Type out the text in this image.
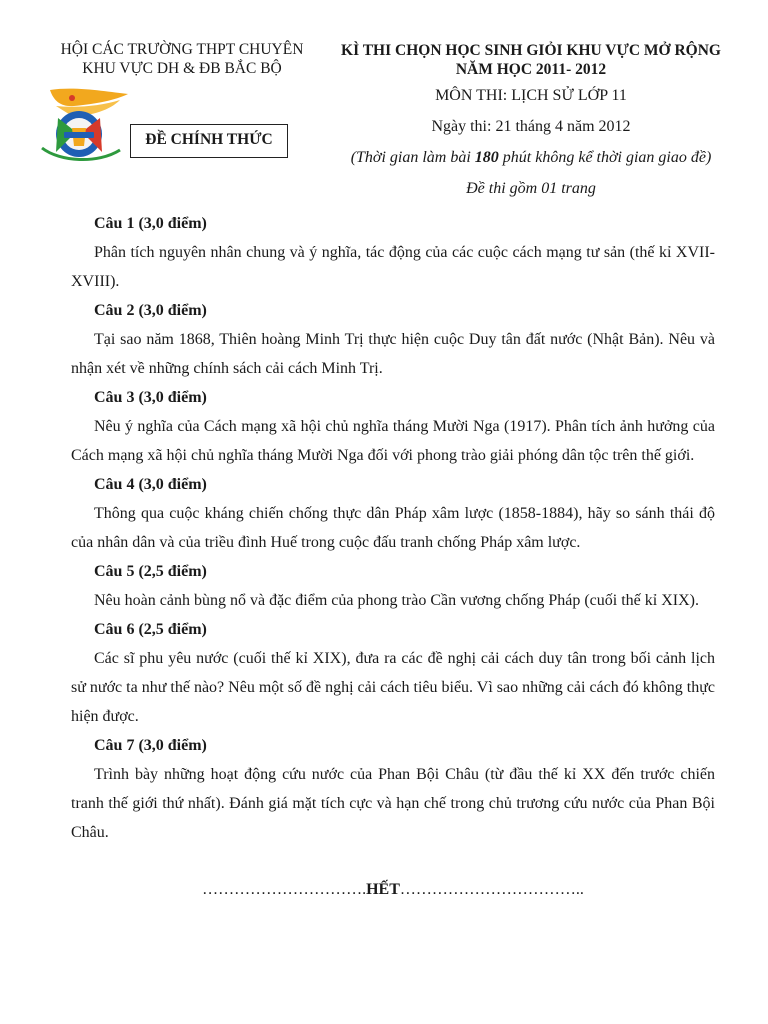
HỘI CÁC TRƯỜNG THPT CHUYÊN
KHU VỰC DH & ĐB BẮC BỘ
KÌ THI CHỌN HỌC SINH GIỎI KHU VỰC MỞ RỘNG
NĂM HỌC 2011- 2012
MÔN THI: LỊCH SỬ LỚP 11
Ngày thi: 21 tháng 4 năm 2012
(Thời gian làm bài 180 phút không kể thời gian giao đề)
Đề thi gồm 01 trang
ĐỀ CHÍNH THỨC
Câu 1 (3,0 điểm)
Phân tích nguyên nhân chung và ý nghĩa, tác động của các cuộc cách mạng tư sản (thế kỉ XVII-XVIII).
Câu 2 (3,0 điểm)
Tại sao năm 1868, Thiên hoàng Minh Trị thực hiện cuộc Duy tân đất nước (Nhật Bản). Nêu và nhận xét về những chính sách cải cách Minh Trị.
Câu 3 (3,0 điểm)
Nêu ý nghĩa của Cách mạng xã hội chủ nghĩa tháng Mười Nga (1917). Phân tích ảnh hưởng của Cách mạng xã hội chủ nghĩa tháng Mười Nga đối với phong trào giải phóng dân tộc trên thế giới.
Câu 4 (3,0 điểm)
Thông qua cuộc kháng chiến chống thực dân Pháp xâm lược (1858-1884), hãy so sánh thái độ của nhân dân và của triều đình Huế trong cuộc đấu tranh chống Pháp xâm lược.
Câu 5 (2,5 điểm)
Nêu hoàn cảnh bùng nổ và đặc điểm của phong trào Cần vương chống Pháp (cuối thế kỉ XIX).
Câu 6 (2,5 điểm)
Các sĩ phu yêu nước (cuối thế kỉ XIX), đưa ra các đề nghị cải cách duy tân trong bối cảnh lịch sử nước ta như thế nào? Nêu một số đề nghị cải cách tiêu biểu. Vì sao những cải cách đó không thực hiện được.
Câu 7 (3,0 điểm)
Trình bày những hoạt động cứu nước của Phan Bội Châu (từ đầu thế kỉ XX đến trước chiến tranh thế giới thứ nhất). Đánh giá mặt tích cực và hạn chế trong chủ trương cứu nước của Phan Bội Châu.
………………………….HẾT……………………………..
